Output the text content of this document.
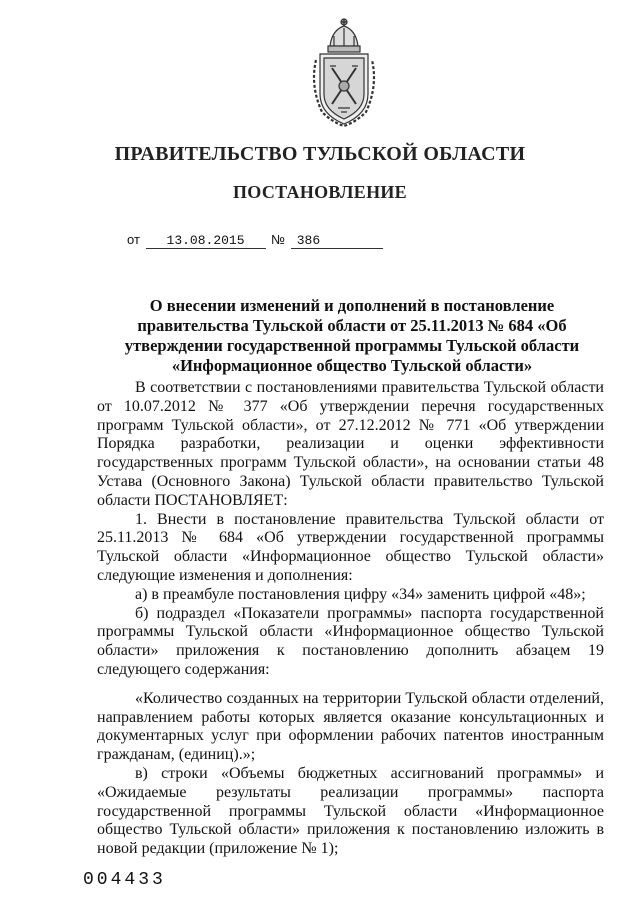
ПРАВИТЕЛЬСТВО ТУЛЬСКОЙ ОБЛАСТИ
ПОСТАНОВЛЕНИЕ
от 13.08.2015 № 386
О внесении изменений и дополнений в постановление правительства Тульской области от 25.11.2013 № 684 «Об утверждении государственной программы Тульской области «Информационное общество Тульской области»

В соответствии с постановлениями правительства Тульской области от 10.07.2012 № 377 «Об утверждении перечня государственных программ Тульской области», от 27.12.2012 № 771 «Об утверждении Порядка разработки, реализации и оценки эффективности государственных программ Тульской области», на основании статьи 48 Устава (Основного Закона) Тульской области правительство Тульской области ПОСТАНОВЛЯЕТ:

1. Внести в постановление правительства Тульской области от 25.11.2013 № 684 «Об утверждении государственной программы Тульской области «Информационное общество Тульской области» следующие изменения и дополнения:

а) в преамбуле постановления цифру «34» заменить цифрой «48»;

б) подраздел «Показатели программы» паспорта государственной программы Тульской области «Информационное общество Тульской области» приложения к постановлению дополнить абзацем 19 следующего содержания:

«Количество созданных на территории Тульской области отделений, направлением работы которых является оказание консультационных и документарных услуг при оформлении рабочих патентов иностранным гражданам, (единиц).»;

в) строки «Объемы бюджетных ассигнований программы» и «Ожидаемые результаты реализации программы» паспорта государственной программы Тульской области «Информационное общество Тульской области» приложения к постановлению изложить в новой редакции (приложение № 1);

004433
